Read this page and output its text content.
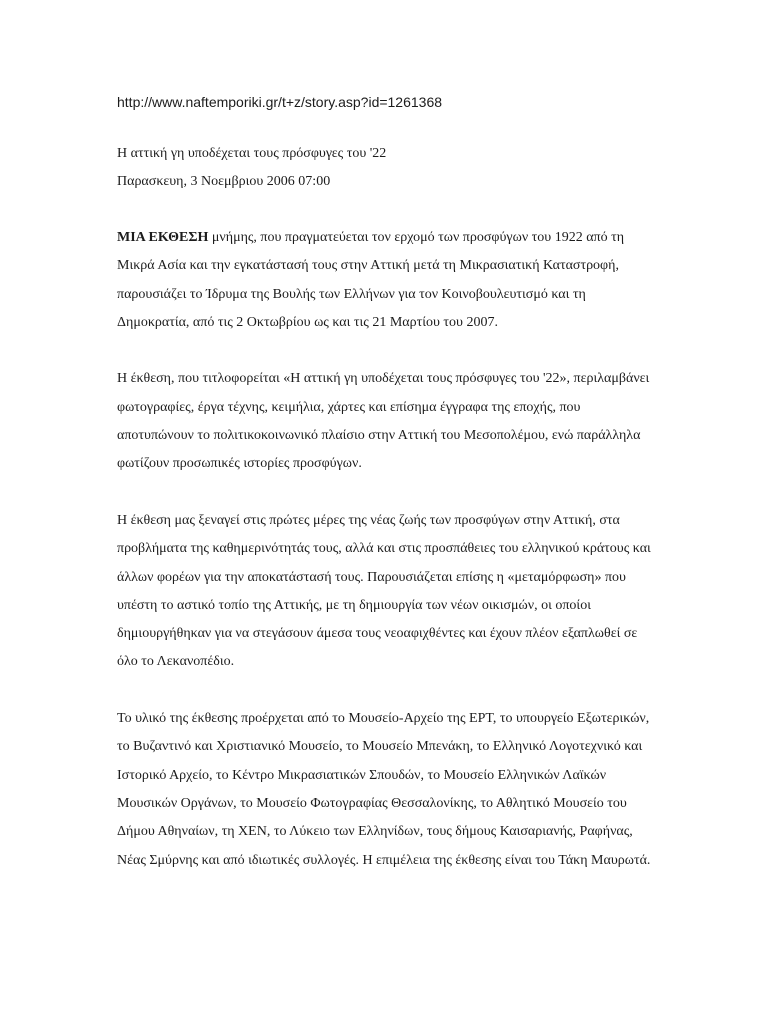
http://www.naftemporiki.gr/t+z/story.asp?id=1261368

Η αττική γη υποδέχεται τους πρόσφυγες του '22

Παρασκευη, 3 Νοεμβριου 2006 07:00

ΜΙΑ ΕΚΘΕΣΗ μνήμης, που πραγματεύεται τον ερχομό των προσφύγων του 1922 από τη Μικρά Ασία και την εγκατάστασή τους στην Αττική μετά τη Μικρασιατική Καταστροφή, παρουσιάζει το Ίδρυμα της Βουλής των Ελλήνων για τον Κοινοβουλευτισμό και τη Δημοκρατία, από τις 2 Οκτωβρίου ως και τις 21 Μαρτίου του 2007.

Η έκθεση, που τιτλοφορείται «Η αττική γη υποδέχεται τους πρόσφυγες του '22», περιλαμβάνει φωτογραφίες, έργα τέχνης, κειμήλια, χάρτες και επίσημα έγγραφα της εποχής, που αποτυπώνουν το πολιτικοκοινωνικό πλαίσιο στην Αττική του Μεσοπολέμου, ενώ παράλληλα φωτίζουν προσωπικές ιστορίες προσφύγων.

Η έκθεση μας ξεναγεί στις πρώτες μέρες της νέας ζωής των προσφύγων στην Αττική, στα προβλήματα της καθημερινότητάς τους, αλλά και στις προσπάθειες του ελληνικού κράτους και άλλων φορέων για την αποκατάστασή τους. Παρουσιάζεται επίσης η «μεταμόρφωση» που υπέστη το αστικό τοπίο της Αττικής, με τη δημιουργία των νέων οικισμών, οι οποίοι δημιουργήθηκαν για να στεγάσουν άμεσα τους νεοαφιχθέντες και έχουν πλέον εξαπλωθεί σε όλο το Λεκανοπέδιο.

Το υλικό της έκθεσης προέρχεται από το Μουσείο-Αρχείο της ΕΡΤ, το υπουργείο Εξωτερικών, το Βυζαντινό και Χριστιανικό Μουσείο, το Μουσείο Μπενάκη, το Ελληνικό Λογοτεχνικό και Ιστορικό Αρχείο, το Κέντρο Μικρασιατικών Σπουδών, το Μουσείο Ελληνικών Λαϊκών Μουσικών Οργάνων, το Μουσείο Φωτογραφίας Θεσσαλονίκης, το Αθλητικό Μουσείο του Δήμου Αθηναίων, τη ΧΕΝ, το Λύκειο των Ελληνίδων, τους δήμους Καισαριανής, Ραφήνας, Νέας Σμύρνης και από ιδιωτικές συλλογές. Η επιμέλεια της έκθεσης είναι του Τάκη Μαυρωτά.
